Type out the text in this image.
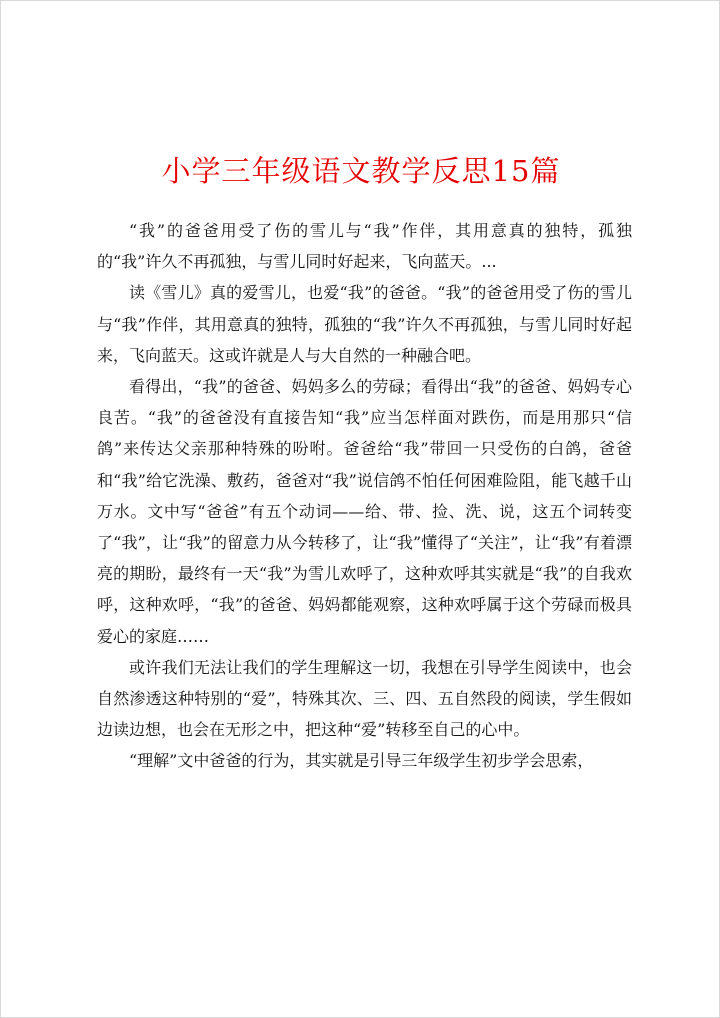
小学三年级语文教学反思15篇

“我”的爸爸用受了伤的雪儿与“我”作伴，其用意真的独特，孤独的“我”许久不再孤独，与雪儿同时好起来，飞向蓝天。...

读《雪儿》真的爱雪儿，也爱“我”的爸爸。“我”的爸爸用受了伤的雪儿与“我”作伴，其用意真的独特，孤独的“我”许久不再孤独，与雪儿同时好起来，飞向蓝天。这或许就是人与大自然的一种融合吧。

看得出，“我”的爸爸、妈妈多么的劳碌；看得出“我”的爸爸、妈妈专心良苦。“我”的爸爸没有直接告知“我”应当怎样面对跌伤，而是用那只“信鸽”来传达父亲那种特殊的吩咐。爸爸给“我”带回一只受伤的白鸽，爸爸和“我”给它洗澡、敷药，爸爸对“我”说信鸽不怕任何困难险阻，能飞越千山万水。文中写“爸爸”有五个动词——给、带、捡、洗、说，这五个词转变了“我”，让“我”的留意力从今转移了，让“我”懂得了“关注”，让“我”有着漂亮的期盼，最终有一天“我”为雪儿欢呼了，这种欢呼其实就是“我”的自我欢呼，这种欢呼，“我”的爸爸、妈妈都能观察，这种欢呼属于这个劳碌而极具爱心的家庭……

或许我们无法让我们的学生理解这一切，我想在引导学生阅读中，也会自然渗透这种特别的“爱”，特殊其次、三、四、五自然段的阅读，学生假如边读边想，也会在无形之中，把这种“爱”转移至自己的心中。

“理解”文中爸爸的行为，其实就是引导三年级学生初步学会思索，
